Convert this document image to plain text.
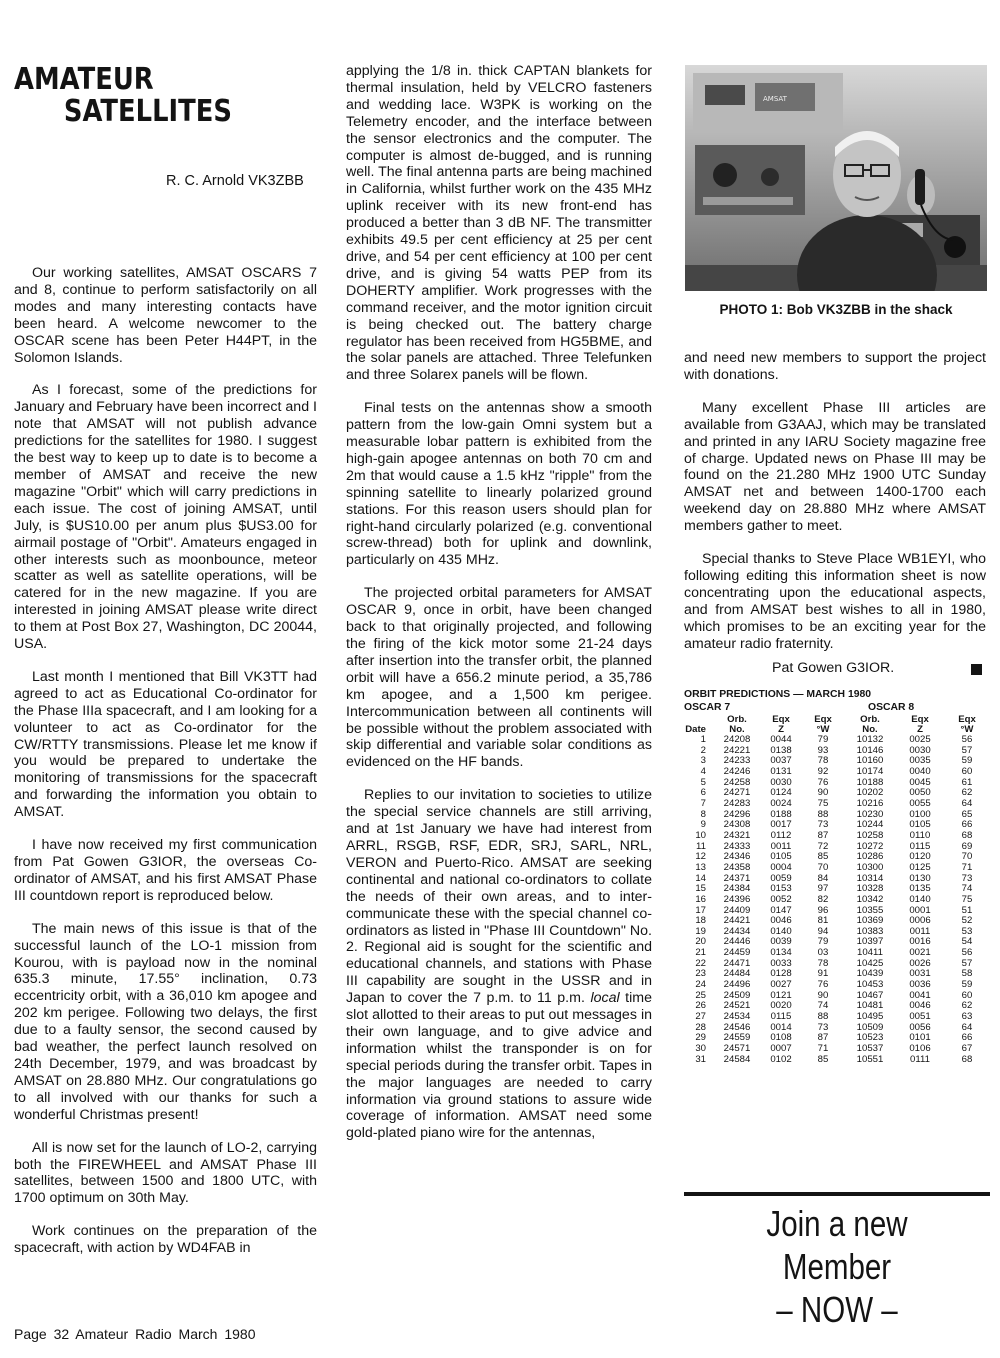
AMATEUR
SATELLITES
R. C. Arnold VK3ZBB

Our working satellites, AMSAT OSCARS 7 and 8, continue to perform satisfactorily on all modes and many interesting contacts have been heard. A welcome newcomer to the OSCAR scene has been Peter H44PT, in the Solomon Islands.

As I forecast, some of the predictions for January and February have been incorrect and I note that AMSAT will not publish advance predictions for the satellites for 1980. I suggest the best way to keep up to date is to become a member of AMSAT and receive the new magazine "Orbit" which will carry predictions in each issue. The cost of joining AMSAT, until July, is $US10.00 per anum plus $US3.00 for airmail postage of "Orbit". Amateurs engaged in other interests such as moonbounce, meteor scatter as well as satellite operations, will be catered for in the new magazine. If you are interested in joining AMSAT please write direct to them at Post Box 27, Washington, DC 20044, USA.

Last month I mentioned that Bill VK3TT had agreed to act as Educational Co-ordinator for the Phase IIIa spacecraft, and I am looking for a volunteer to act as Co-ordinator for the CW/RTTY transmissions. Please let me know if you would be prepared to undertake the monitoring of transmissions for the spacecraft and forwarding the information you obtain to AMSAT.

I have now received my first communication from Pat Gowen G3IOR, the overseas Co-ordinator of AMSAT, and his first AMSAT Phase III countdown report is reproduced below.

The main news of this issue is that of the successful launch of the LO-1 mission from Kourou, with is payload now in the nominal 635.3 minute, 17.55° inclination, 0.73 eccentricity orbit, with a 36,010 km apogee and 202 km perigee. Following two delays, the first due to a faulty sensor, the second caused by bad weather, the perfect launch resolved on 24th December, 1979, and was broadcast by AMSAT on 28.880 MHz. Our congratulations go to all involved with our thanks for such a wonderful Christmas present!

All is now set for the launch of LO-2, carrying both the FIREWHEEL and AMSAT Phase III satellites, between 1500 and 1800 UTC, with 1700 optimum on 30th May.

Work continues on the preparation of the spacecraft, with action by WD4FAB in

applying the 1/8 in. thick CAPTAN blankets for thermal insulation, held by VELCRO fasteners and wedding lace. W3PK is working on the Telemetry encoder, and the interface between the sensor electronics and the computer. The computer is almost de-bugged, and is running well. The final antenna parts are being machined in California, whilst further work on the 435 MHz uplink receiver with its new front-end has produced a better than 3 dB NF. The transmitter exhibits 49.5 per cent efficiency at 25 per cent drive, and 54 per cent efficiency at 100 per cent drive, and is giving 54 watts PEP from its DOHERTY amplifier. Work progresses with the command receiver, and the motor ignition circuit is being checked out. The battery charge regulator has been received from HG5BME, and the solar panels are attached. Three Telefunken and three Solarex panels will be flown.

Final tests on the antennas show a smooth pattern from the low-gain Omni system but a measurable lobar pattern is exhibited from the high-gain apogee antennas on both 70 cm and 2m that would cause a 1.5 kHz "ripple" from the spinning satellite to linearly polarized ground stations. For this reason users should plan for right-hand circularly polarized (e.g. conventional screw-thread) both for uplink and downlink, particularly on 435 MHz.

The projected orbital parameters for AMSAT OSCAR 9, once in orbit, have been changed back to that originally projected, and following the firing of the kick motor some 21-24 days after insertion into the transfer orbit, the planned orbit will have a 656.2 minute period, a 35,786 km apogee, and a 1,500 km perigee. Intercommunication between all continents will be possible without the problem associated with skip differential and variable solar conditions as evidenced on the HF bands.

Replies to our invitation to societies to utilize the special service channels are still arriving, and at 1st January we have had interest from ARRL, RSGB, RSF, EDR, SRJ, SARL, NRL, VERON and Puerto-Rico. AMSAT are seeking continental and national co-ordinators to collate the needs of their own areas, and to inter-communicate these with the special channel co-ordinators as listed in "Phase III Countdown" No. 2. Regional aid is sought for the scientific and educational channels, and stations with Phase III capability are sought in the USSR and in Japan to cover the 7 p.m. to 11 p.m. local time slot allotted to their areas to put out messages in their own language, and to give advice and information whilst the transponder is on for special periods during the transfer orbit. Tapes in the major languages are needed to carry information via ground stations to assure wide coverage of information. AMSAT need some gold-plated piano wire for the antennas,

AMSAT
PHOTO 1: Bob VK3ZBB in the shack

and need new members to support the project with donations.

Many excellent Phase III articles are available from G3AAJ, which may be translated and printed in any IARU Society magazine free of charge. Updated news on Phase III may be found on the 21.280 MHz 1900 UTC Sunday AMSAT net and between 1400-1700 each weekend day on 28.880 MHz where AMSAT members gather to meet.

Special thanks to Steve Place WB1EYI, who following editing this information sheet is now concentrating upon the educational aspects, and from AMSAT best wishes to all in 1980, which promises to be an exciting year for the amateur radio fraternity.

Pat Gowen G3IOR.
ORBIT PREDICTIONS — MARCH 1980
OSCAR 7	OSCAR 8
	Orb.	Eqx	Eqx	Orb.	Eqx	Eqx
Date	No.	Z	°W	No.	Z	°W
1	24208	0044	79	10132	0025	56
2	24221	0138	93	10146	0030	57
3	24233	0037	78	10160	0035	59
4	24246	0131	92	10174	0040	60
5	24258	0030	76	10188	0045	61
6	24271	0124	90	10202	0050	62
7	24283	0024	75	10216	0055	64
8	24296	0188	88	10230	0100	65
9	24308	0017	73	10244	0105	66
10	24321	0112	87	10258	0110	68
11	24333	0011	72	10272	0115	69
12	24346	0105	85	10286	0120	70
13	24358	0004	70	10300	0125	71
14	24371	0059	84	10314	0130	73
15	24384	0153	97	10328	0135	74
16	24396	0052	82	10342	0140	75
17	24409	0147	96	10355	0001	51
18	24421	0046	81	10369	0006	52
19	24434	0140	94	10383	0011	53
20	24446	0039	79	10397	0016	54
21	24459	0134	03	10411	0021	56
22	24471	0033	78	10425	0026	57
23	24484	0128	91	10439	0031	58
24	24496	0027	76	10453	0036	59
25	24509	0121	90	10467	0041	60
26	24521	0020	74	10481	0046	62
27	24534	0115	88	10495	0051	63
28	24546	0014	73	10509	0056	64
29	24559	0108	87	10523	0101	66
30	24571	0007	71	10537	0106	67
31	24584	0102	85	10551	0111	68
Join a new Member
– NOW –
Page 32 Amateur Radio March 1980
